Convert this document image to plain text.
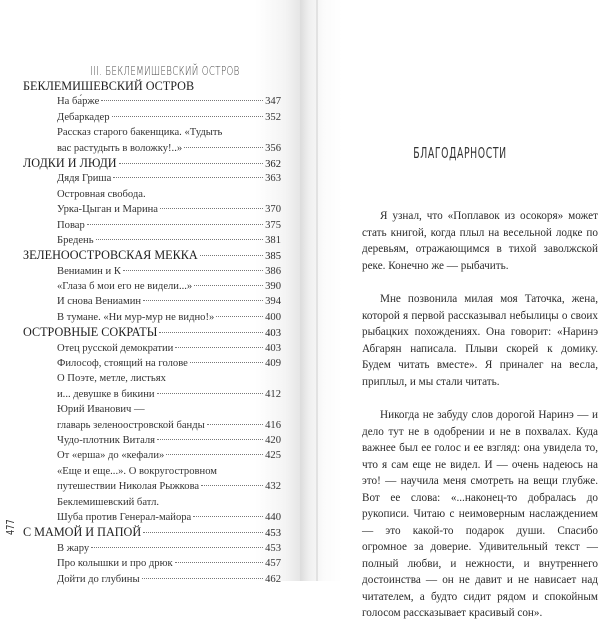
III. БЕКЛЕМИШЕВСКИЙ ОСТРОВ
БЕКЛЕМИШЕВСКИЙ ОСТРОВ
На ба́рже	347
Дебаркадер	352
Рассказ старого бакенщика. «Тудыть
вас растудыть в воложку!..»	356
ЛОДКИ И ЛЮДИ	362
Дядя Гриша	363
Островная свобода.
Урка-Цыган и Марина	370
Повар	375
Бредень	381
ЗЕЛЕНООСТРОВСКАЯ МЕККА	385
Вениамин и К	386
«Глаза б мои его не видели...»	390
И снова Вениамин	394
В тумане. «Ни мур-мур не видно!»	400
ОСТРОВНЫЕ СОКРАТЫ	403
Отец русской демократии	403
Философ, стоящий на голове	409
О Поэте, метле, листьях
и... девушке в бикини	412
Юрий Иванович —
главарь зеленоостровской банды	416
Чудо-плотник Виталя	420
От «ерша» до «кефали»	425
«Еще и еще...». О вокругостровном
путешествии Николая Рыжкова	432
Беклемишевский батл.
Шуба против Генерал-майора	440
С МАМОЙ И ПАПОЙ	453
В жару	453
Про колышки и про дрюк	457
Дойти до глубины	462
477
БЛАГОДАРНОСТИ

Я узнал, что «Поплавок из осокоря» может стать книгой, когда плыл на весельной лодке по деревьям, отражающимся в тихой заволжской реке. Конечно же — рыбачить.

Мне позвонила милая моя Таточка, жена, которой я первой рассказывал небылицы о своих рыбацких похождениях. Она говорит: «Наринэ Абгарян написала. Плыви скорей к домику. Будем читать вместе». Я приналег на весла, приплыл, и мы стали читать.

Никогда не забуду слов дорогой Наринэ — и дело тут не в одобрении и не в похвалах. Куда важнее был ее голос и ее взгляд: она увидела то, что я сам еще не видел. И — очень надеюсь на это! — научила меня смотреть на вещи глубже. Вот ее слова: «...наконец-то добралась до рукописи. Читаю с неимоверным наслаждением — это какой-то подарок души. Спасибо огромное за доверие. Удивительный текст — полный любви, и нежности, и внутреннего достоинства — он не давит и не нависает над читателем, а будто сидит рядом и спокойным голосом рассказывает красивый сон».
